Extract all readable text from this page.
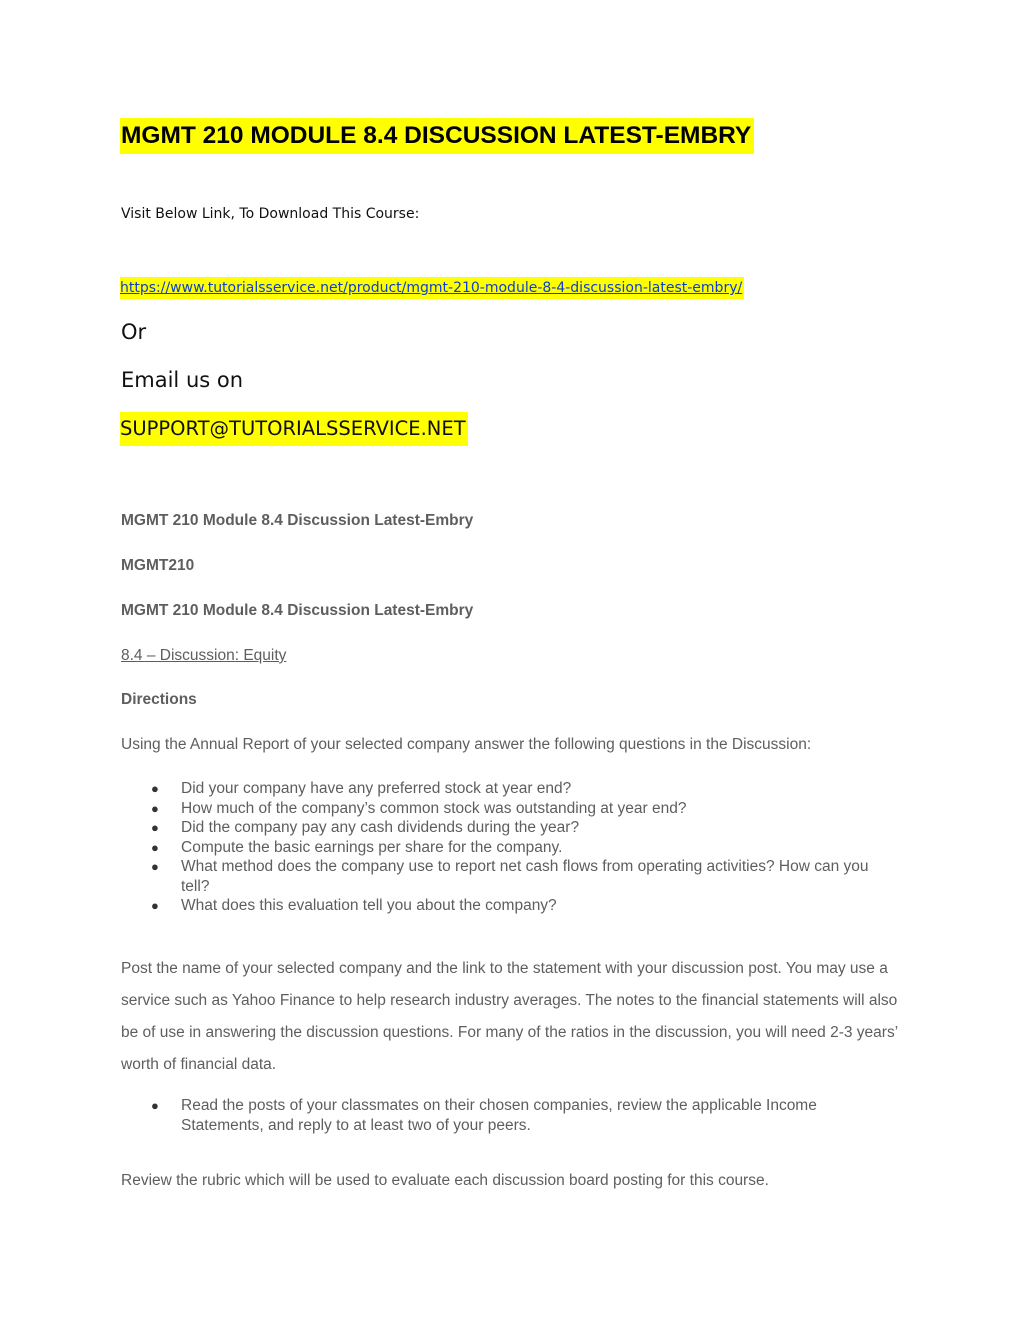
MGMT 210 MODULE 8.4 DISCUSSION LATEST-EMBRY
Visit Below Link, To Download This Course:
https://www.tutorialsservice.net/product/mgmt-210-module-8-4-discussion-latest-embry/
Or
Email us on
SUPPORT@TUTORIALSSERVICE.NET
MGMT 210 Module 8.4 Discussion Latest-Embry
MGMT210
MGMT 210 Module 8.4 Discussion Latest-Embry
8.4 – Discussion: Equity
Directions
Using the Annual Report of your selected company answer the following questions in the Discussion:
● Did your company have any preferred stock at year end?
● How much of the company’s common stock was outstanding at year end?
● Did the company pay any cash dividends during the year?
● Compute the basic earnings per share for the company.
● What method does the company use to report net cash flows from operating activities? How can you tell?
● What does this evaluation tell you about the company?

Post the name of your selected company and the link to the statement with your discussion post. You may use a service such as Yahoo Finance to help research industry averages. The notes to the financial statements will also be of use in answering the discussion questions. For many of the ratios in the discussion, you will need 2-3 years’ worth of financial data.

● Read the posts of your classmates on their chosen companies, review the applicable Income Statements, and reply to at least two of your peers.
Review the rubric which will be used to evaluate each discussion board posting for this course.
